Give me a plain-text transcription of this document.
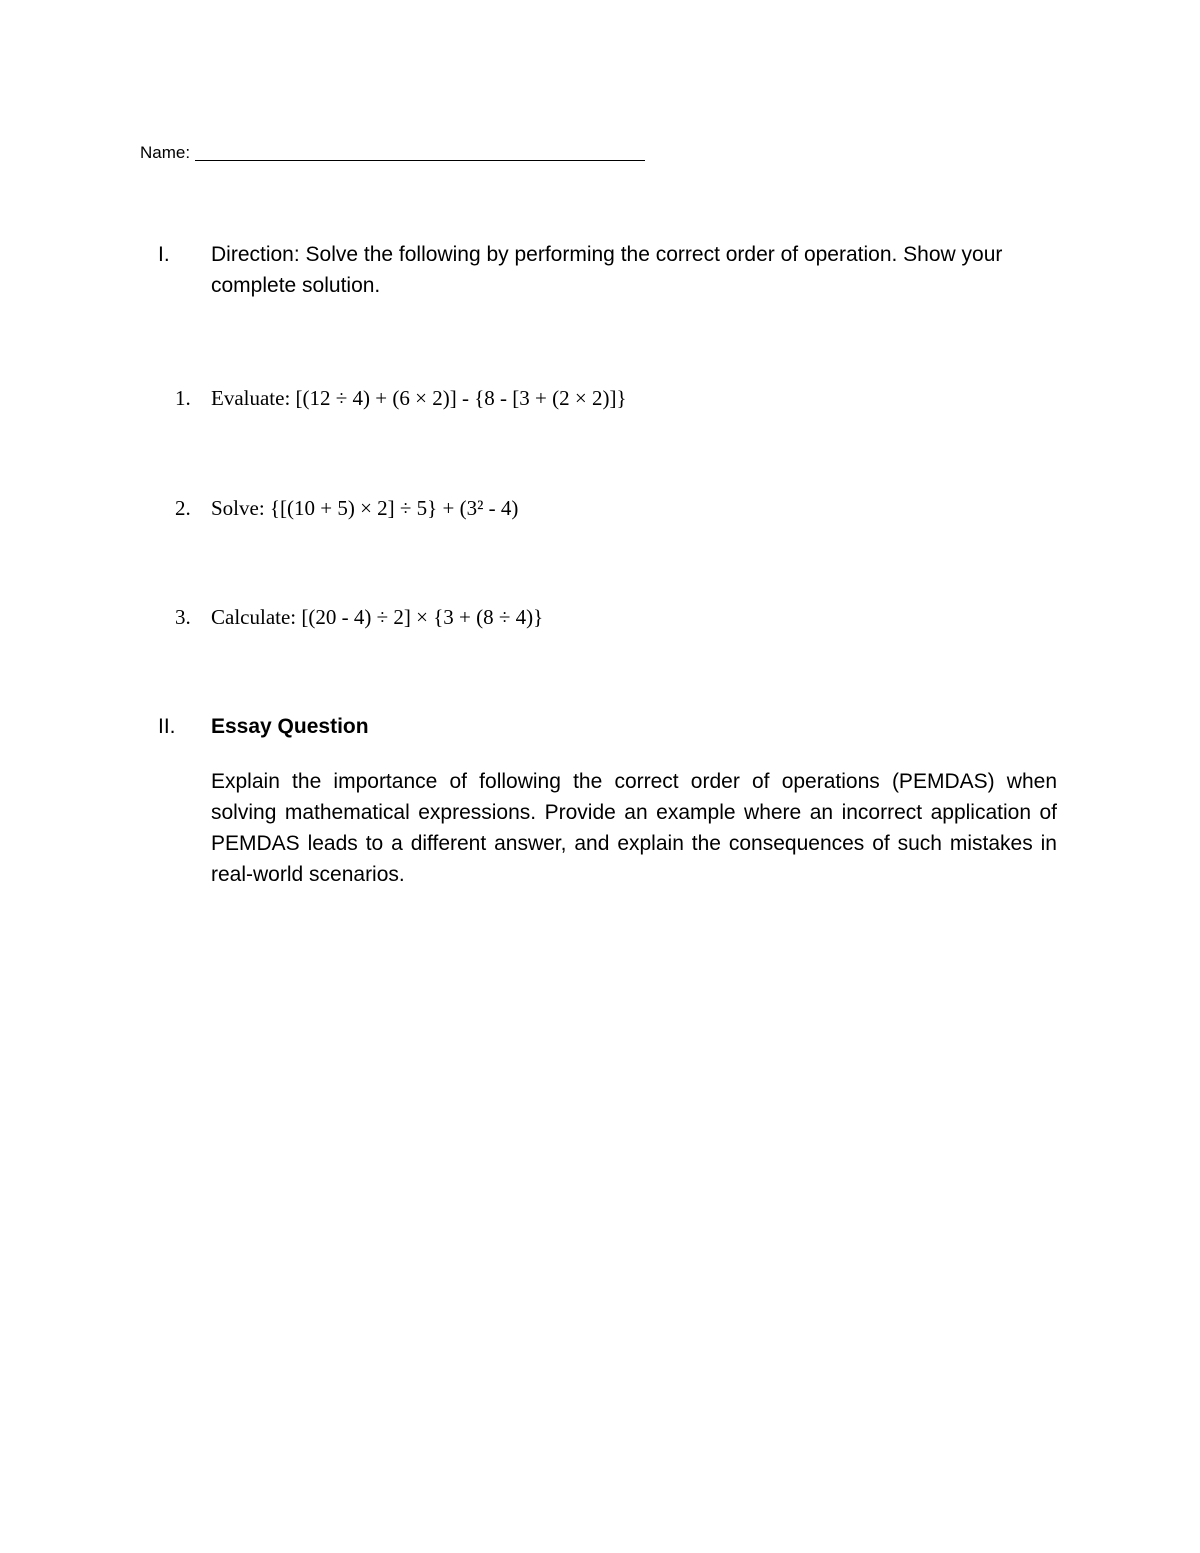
Name:
I. Direction: Solve the following by performing the correct order of operation. Show your complete solution.
1. Evaluate: [(12 ÷ 4) + (6 × 2)] - {8 - [3 + (2 × 2)]}
2. Solve: {[(10 + 5) × 2] ÷ 5} + (3² - 4)
3. Calculate: [(20 - 4) ÷ 2] × {3 + (8 ÷ 4)}
II. Essay Question
Explain the importance of following the correct order of operations (PEMDAS) when solving mathematical expressions. Provide an example where an incorrect application of PEMDAS leads to a different answer, and explain the consequences of such mistakes in real-world scenarios.
